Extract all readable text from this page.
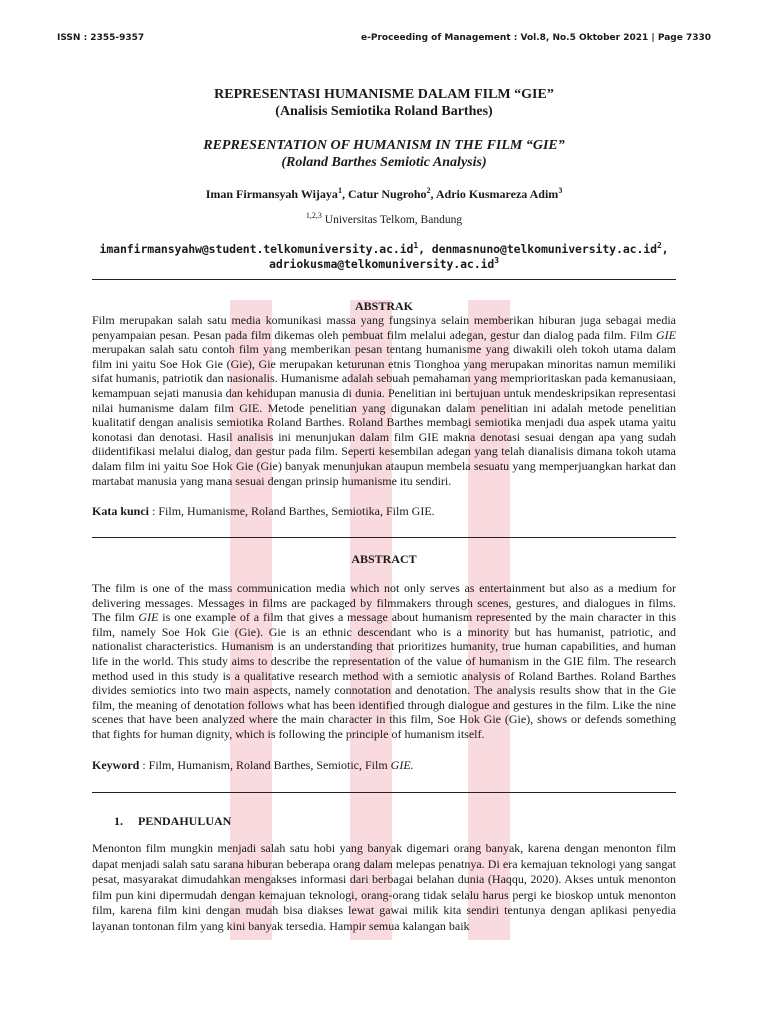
ISSN : 2355-9357	e-Proceeding of Management : Vol.8, No.5 Oktober 2021 | Page 7330
REPRESENTASI HUMANISME DALAM FILM “GIE”
(Analisis Semiotika Roland Barthes)
REPRESENTATION OF HUMANISM IN THE FILM “GIE”
(Roland Barthes Semiotic Analysis)
Iman Firmansyah Wijaya$^1$, Catur Nugroho$^2$, Adrio Kusmareza Adim$^3$
$^{1,2,3}$ Universitas Telkom, Bandung
$imanfirmansyahw@student.telkomuniversity.ac.id^1$, $denmasnuno@telkomuniversity.ac.id^2$,
$adriokusma@telkomuniversity.ac.id^3$
ABSTRAK
Film merupakan salah satu media komunikasi massa yang fungsinya selain memberikan hiburan juga sebagai media penyampaian pesan. Pesan pada film dikemas oleh pembuat film melalui adegan, gestur dan dialog pada film. Film GIE merupakan salah satu contoh film yang memberikan pesan tentang humanisme yang diwakili oleh tokoh utama dalam film ini yaitu Soe Hok Gie (Gie), Gie merupakan keturunan etnis Tionghoa yang merupakan minoritas namun memiliki sifat humanis, patriotik dan nasionalis. Humanisme adalah sebuah pemahaman yang memprioritaskan pada kemanusiaan, kemampuan sejati manusia dan kehidupan manusia di dunia. Penelitian ini bertujuan untuk mendeskripsikan representasi nilai humanisme dalam film GIE. Metode penelitian yang digunakan dalam penelitian ini adalah metode penelitian kualitatif dengan analisis semiotika Roland Barthes. Roland Barthes membagi semiotika menjadi dua aspek utama yaitu konotasi dan denotasi. Hasil analisis ini menunjukan dalam film GIE makna denotasi sesuai dengan apa yang sudah diidentifikasi melalui dialog, dan gestur pada film. Seperti kesembilan adegan yang telah dianalisis dimana tokoh utama dalam film ini yaitu Soe Hok Gie (Gie) banyak menunjukan ataupun membela sesuatu yang memperjuangkan harkat dan martabat manusia yang mana sesuai dengan prinsip humanisme itu sendiri.
Kata kunci : Film, Humanisme, Roland Barthes, Semiotika, Film GIE.
ABSTRACT
The film is one of the mass communication media which not only serves as entertainment but also as a medium for delivering messages. Messages in films are packaged by filmmakers through scenes, gestures, and dialogues in films. The film GIE is one example of a film that gives a message about humanism represented by the main character in this film, namely Soe Hok Gie (Gie). Gie is an ethnic descendant who is a minority but has humanist, patriotic, and nationalist characteristics. Humanism is an understanding that prioritizes humanity, true human capabilities, and human life in the world. This study aims to describe the representation of the value of humanism in the GIE film. The research method used in this study is a qualitative research method with a semiotic analysis of Roland Barthes. Roland Barthes divides semiotics into two main aspects, namely connotation and denotation. The analysis results show that in the Gie film, the meaning of denotation follows what has been identified through dialogue and gestures in the film. Like the nine scenes that have been analyzed where the main character in this film, Soe Hok Gie (Gie), shows or defends something that fights for human dignity, which is following the principle of humanism itself.
Keyword : Film, Humanism, Roland Barthes, Semiotic, Film GIE.
1. PENDAHULUAN
Menonton film mungkin menjadi salah satu hobi yang banyak digemari orang banyak, karena dengan menonton film dapat menjadi salah satu sarana hiburan beberapa orang dalam melepas penatnya. Di era kemajuan teknologi yang sangat pesat, masyarakat dimudahkan mengakses informasi dari berbagai belahan dunia (Haqqu, 2020). Akses untuk menonton film pun kini dipermudah dengan kemajuan teknologi, orang-orang tidak selalu harus pergi ke bioskop untuk menonton film, karena film kini dengan mudah bisa diakses lewat gawai milik kita sendiri tentunya dengan aplikasi penyedia layanan tontonan film yang kini banyak tersedia. Hampir semua kalangan baik
